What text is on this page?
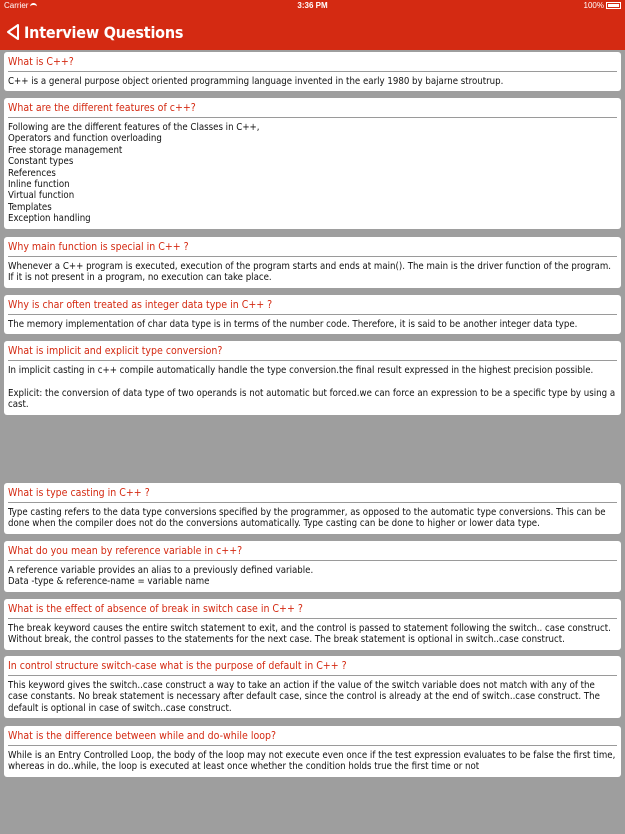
Carrier	3:36 PM	100%
Interview Questions
What is C++?
C++ is a general purpose object oriented programming language invented in the early 1980 by bajarne stroutrup.
What are the different features of c++?
Following are the different features of the Classes in C++,
Operators and function overloading
Free storage management
Constant types
References
Inline function
Virtual function
Templates
Exception handling
Why main function is special in C++ ?
Whenever a C++ program is executed, execution of the program starts and ends at main(). The main is the driver function of the program. If it is not present in a program, no execution can take place.
Why is char often treated as integer data type in C++ ?
The memory implementation of char data type is in terms of the number code. Therefore, it is said to be another integer data type.
What is implicit and explicit type conversion?
In implicit casting in c++ compile automatically handle the type conversion.the final result expressed in the highest precision possible.

Explicit: the conversion of data type of two operands is not automatic but forced.we can force an expression to be a specific type by using a cast.
What is type casting in C++ ?
Type casting refers to the data type conversions specified by the programmer, as opposed to the automatic type conversions. This can be done when the compiler does not do the conversions automatically. Type casting can be done to higher or lower data type.
What do you mean by reference variable in c++?
A reference variable provides an alias to a previously defined variable.
Data -type & reference-name = variable name
What is the effect of absence of break in switch case in C++ ?
The break keyword causes the entire switch statement to exit, and the control is passed to statement following the switch.. case construct. Without break, the control passes to the statements for the next case. The break statement is optional in switch..case construct.
In control structure switch-case what is the purpose of default in C++ ?
This keyword gives the switch..case construct a way to take an action if the value of the switch variable does not match with any of the case constants. No break statement is necessary after default case, since the control is already at the end of switch..case construct. The default is optional in case of switch..case construct.
What is the difference between while and do-while loop?
While is an Entry Controlled Loop, the body of the loop may not execute even once if the test expression evaluates to be false the first time, whereas in do..while, the loop is executed at least once whether the condition holds true the first time or not
